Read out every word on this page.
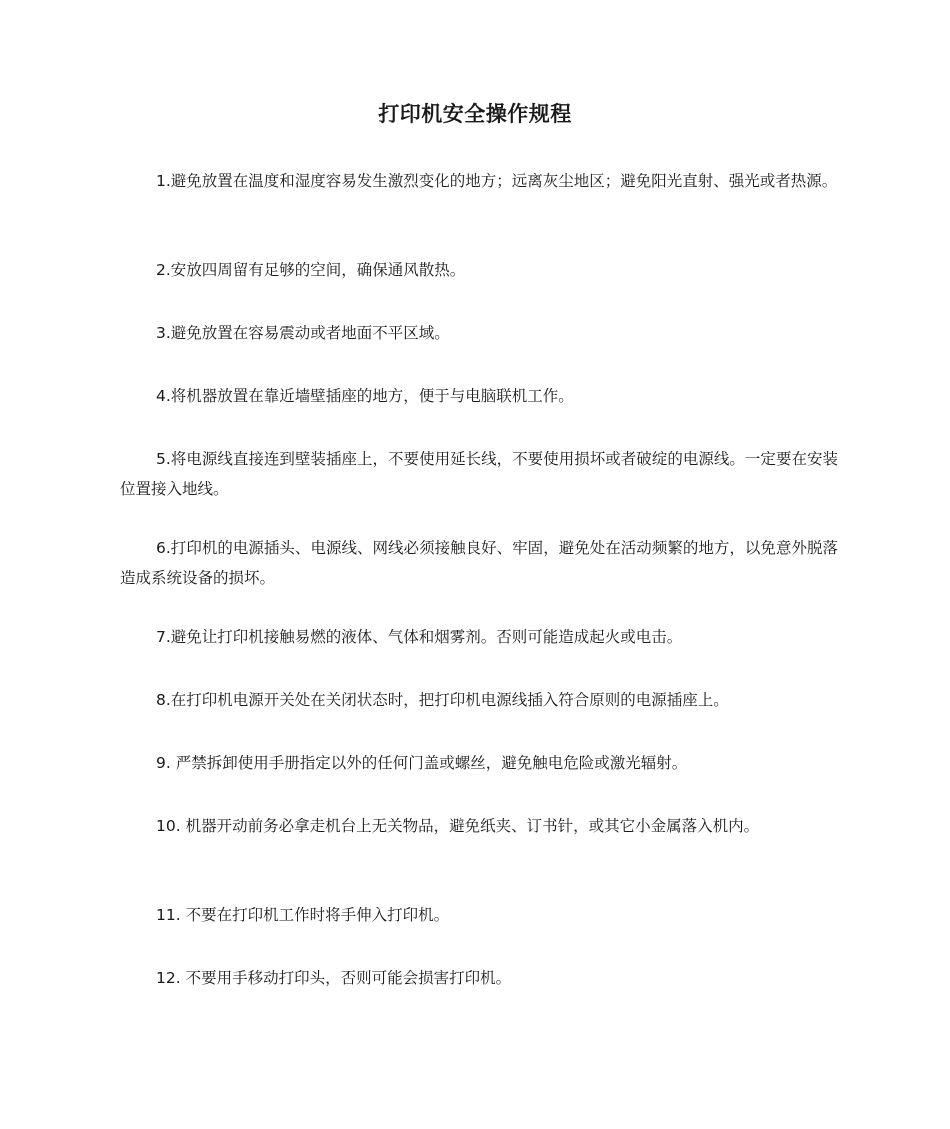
打印机安全操作规程

1.避免放置在温度和湿度容易发生激烈变化的地方；远离灰尘地区；避免阳光直射、强光或者热源。

2.安放四周留有足够的空间，确保通风散热。

3.避免放置在容易震动或者地面不平区域。

4.将机器放置在靠近墙壁插座的地方，便于与电脑联机工作。

5.将电源线直接连到壁装插座上，不要使用延长线，不要使用损坏或者破绽的电源线。一定要在安装位置接入地线。

6.打印机的电源插头、电源线、网线必须接触良好、牢固，避免处在活动频繁的地方，以免意外脱落造成系统设备的损坏。

7.避免让打印机接触易燃的液体、气体和烟雾剂。否则可能造成起火或电击。

8.在打印机电源开关处在关闭状态时，把打印机电源线插入符合原则的电源插座上。

9. 严禁拆卸使用手册指定以外的任何门盖或螺丝，避免触电危险或激光辐射。

10. 机器开动前务必拿走机台上无关物品，避免纸夹、订书针，或其它小金属落入机内。

11. 不要在打印机工作时将手伸入打印机。

12. 不要用手移动打印头，否则可能会损害打印机。
